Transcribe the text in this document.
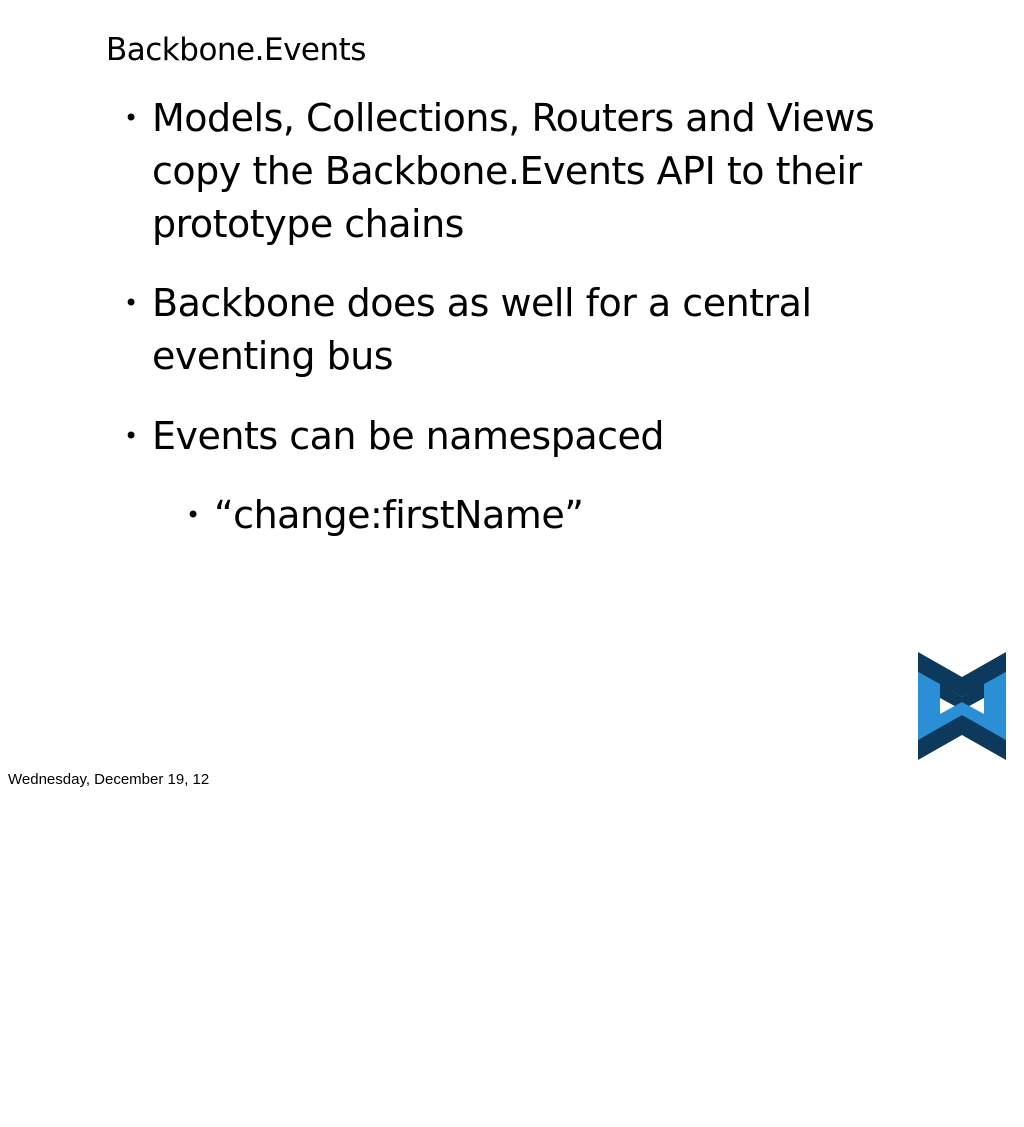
Backbone.Events
• Models, Collections, Routers and Views
copy the Backbone.Events API to their
prototype chains
• Backbone does as well for a central
eventing bus
• Events can be namespaced
• “change:firstName”
Wednesday, December 19, 12
